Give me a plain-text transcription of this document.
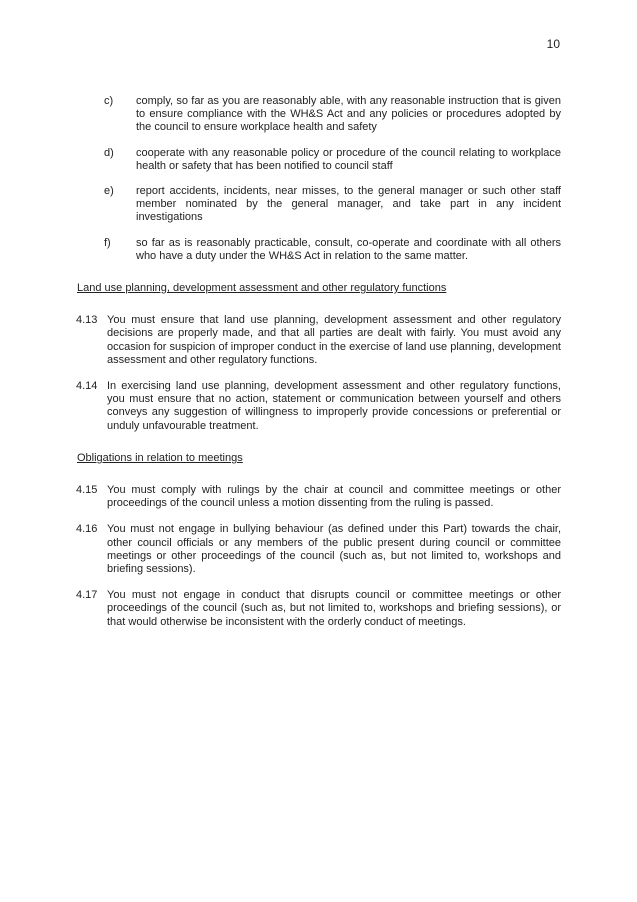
10
c)	comply, so far as you are reasonably able, with any reasonable instruction that is given to ensure compliance with the WH&S Act and any policies or procedures adopted by the council to ensure workplace health and safety
d)	cooperate with any reasonable policy or procedure of the council relating to workplace health or safety that has been notified to council staff
e)	report accidents, incidents, near misses, to the general manager or such other staff member nominated by the general manager, and take part in any incident investigations
f)	so far as is reasonably practicable, consult, co-operate and coordinate with all others who have a duty under the WH&S Act in relation to the same matter.
Land use planning, development assessment and other regulatory functions
4.13 You must ensure that land use planning, development assessment and other regulatory decisions are properly made, and that all parties are dealt with fairly. You must avoid any occasion for suspicion of improper conduct in the exercise of land use planning, development assessment and other regulatory functions.
4.14 In exercising land use planning, development assessment and other regulatory functions, you must ensure that no action, statement or communication between yourself and others conveys any suggestion of willingness to improperly provide concessions or preferential or unduly unfavourable treatment.
Obligations in relation to meetings
4.15 You must comply with rulings by the chair at council and committee meetings or other proceedings of the council unless a motion dissenting from the ruling is passed.
4.16 You must not engage in bullying behaviour (as defined under this Part) towards the chair, other council officials or any members of the public present during council or committee meetings or other proceedings of the council (such as, but not limited to, workshops and briefing sessions).
4.17 You must not engage in conduct that disrupts council or committee meetings or other proceedings of the council (such as, but not limited to, workshops and briefing sessions), or that would otherwise be inconsistent with the orderly conduct of meetings.
